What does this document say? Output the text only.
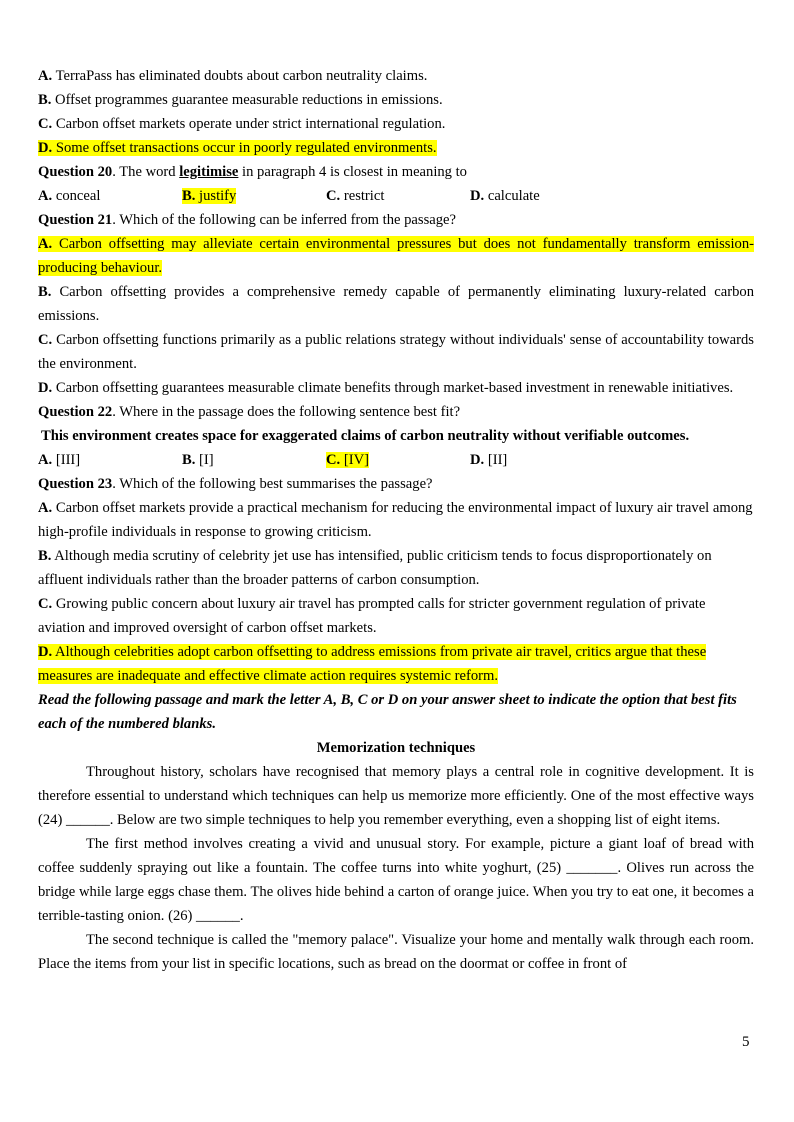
A. TerraPass has eliminated doubts about carbon neutrality claims.

B. Offset programmes guarantee measurable reductions in emissions.

C. Carbon offset markets operate under strict international regulation.

D. Some offset transactions occur in poorly regulated environments.

Question 20. The word legitimise in paragraph 4 is closest in meaning to

A. conceal	B. justify	C. restrict	D. calculate

Question 21. Which of the following can be inferred from the passage?

A. Carbon offsetting may alleviate certain environmental pressures but does not fundamentally transform emission-producing behaviour.

B. Carbon offsetting provides a comprehensive remedy capable of permanently eliminating luxury-related carbon emissions.

C. Carbon offsetting functions primarily as a public relations strategy without individuals' sense of accountability towards the environment.

D. Carbon offsetting guarantees measurable climate benefits through market-based investment in renewable initiatives.

Question 22. Where in the passage does the following sentence best fit?

This environment creates space for exaggerated claims of carbon neutrality without verifiable outcomes.

A. [III]	B. [I]	C. [IV]	D. [II]

Question 23. Which of the following best summarises the passage?

A. Carbon offset markets provide a practical mechanism for reducing the environmental impact of luxury air travel among high-profile individuals in response to growing criticism.

B. Although media scrutiny of celebrity jet use has intensified, public criticism tends to focus disproportionately on affluent individuals rather than the broader patterns of carbon consumption.

C. Growing public concern about luxury air travel has prompted calls for stricter government regulation of private aviation and improved oversight of carbon offset markets.

D. Although celebrities adopt carbon offsetting to address emissions from private air travel, critics argue that these measures are inadequate and effective climate action requires systemic reform.

Read the following passage and mark the letter A, B, C or D on your answer sheet to indicate the option that best fits each of the numbered blanks.

Memorization techniques

Throughout history, scholars have recognised that memory plays a central role in cognitive development. It is therefore essential to understand which techniques can help us memorize more efficiently. One of the most effective ways (24) ______. Below are two simple techniques to help you remember everything, even a shopping list of eight items.

The first method involves creating a vivid and unusual story. For example, picture a giant loaf of bread with coffee suddenly spraying out like a fountain. The coffee turns into white yoghurt, (25) _______. Olives run across the bridge while large eggs chase them. The olives hide behind a carton of orange juice. When you try to eat one, it becomes a terrible-tasting onion. (26) ______.

The second technique is called the "memory palace". Visualize your home and mentally walk through each room. Place the items from your list in specific locations, such as bread on the doormat or coffee in front of

5
